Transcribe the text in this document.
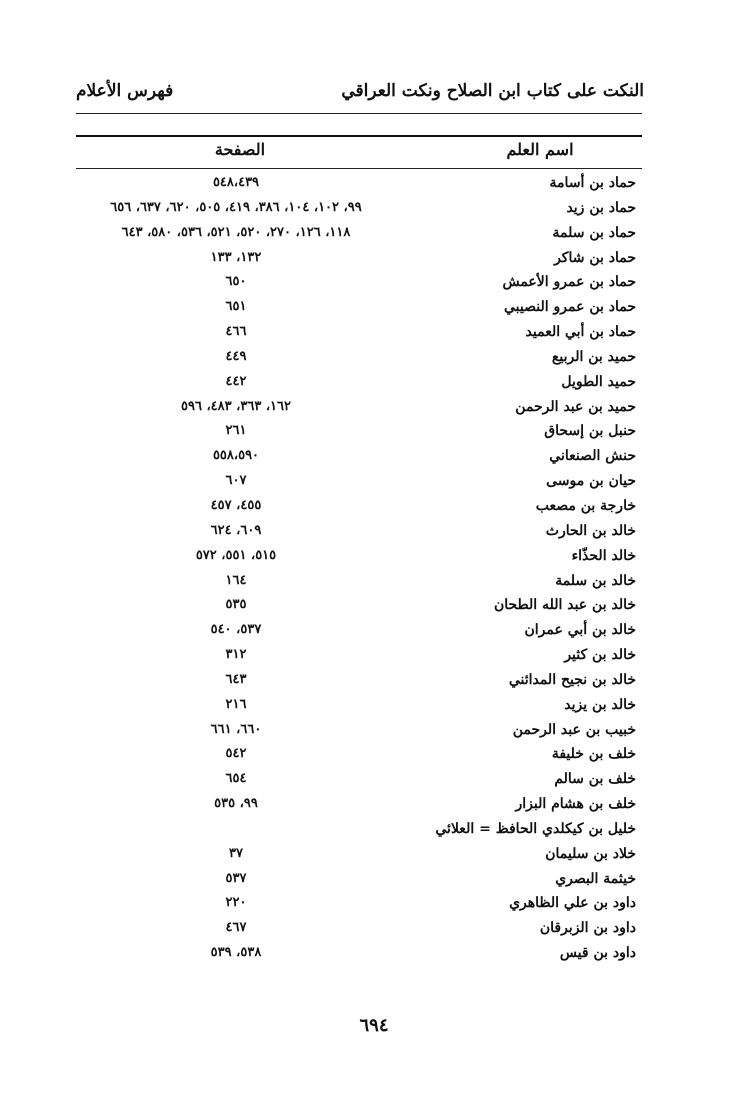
النكت على كتاب ابن الصلاح ونكت العراقي
فهرس الأعلام
اسم العلم
الصفحة
حماد بن أسامة
٥٤٨،٤٣٩
حماد بن زيد
٩٩، ١٠٢، ١٠٤، ٣٨٦، ٤١٩، ٥٠٥، ٦٢٠، ٦٣٧، ٦٥٦
حماد بن سلمة
١١٨، ١٢٦، ٢٧٠، ٥٢٠، ٥٢١، ٥٣٦، ٥٨٠، ٦٤٣
حماد بن شاكر
١٣٢، ١٣٣
حماد بن عمرو الأعمش
٦٥٠
حماد بن عمرو النصيبي
٦٥١
حماد بن أبي العميد
٤٦٦
حميد بن الربيع
٤٤٩
حميد الطويل
٤٤٢
حميد بن عبد الرحمن
١٦٢، ٣٦٣، ٤٨٣، ٥٩٦
حنبل بن إسحاق
٢٦١
حنش الصنعاني
٥٥٨،٥٩٠
حيان بن موسى
٦٠٧
خارجة بن مصعب
٤٥٥، ٤٥٧
خالد بن الحارث
٦٠٩، ٦٢٤
خالد الحذّاء
٥١٥، ٥٥١، ٥٧٢
خالد بن سلمة
١٦٤
خالد بن عبد الله الطحان
٥٣٥
خالد بن أبي عمران
٥٣٧، ٥٤٠
خالد بن كثير
٣١٢
خالد بن نجيح المدائني
٦٤٣
خالد بن يزيد
٢١٦
خبيب بن عبد الرحمن
٦٦٠، ٦٦١
خلف بن خليفة
٥٤٢
خلف بن سالم
٦٥٤
خلف بن هشام البزار
٩٩، ٥٣٥
خليل بن كيكلدي الحافظ = العلائي
خلاد بن سليمان
٣٧
خيثمة البصري
٥٣٧
داود بن علي الظاهري
٢٢٠
داود بن الزبرقان
٤٦٧
داود بن قيس
٥٣٨، ٥٣٩
٦٩٤
